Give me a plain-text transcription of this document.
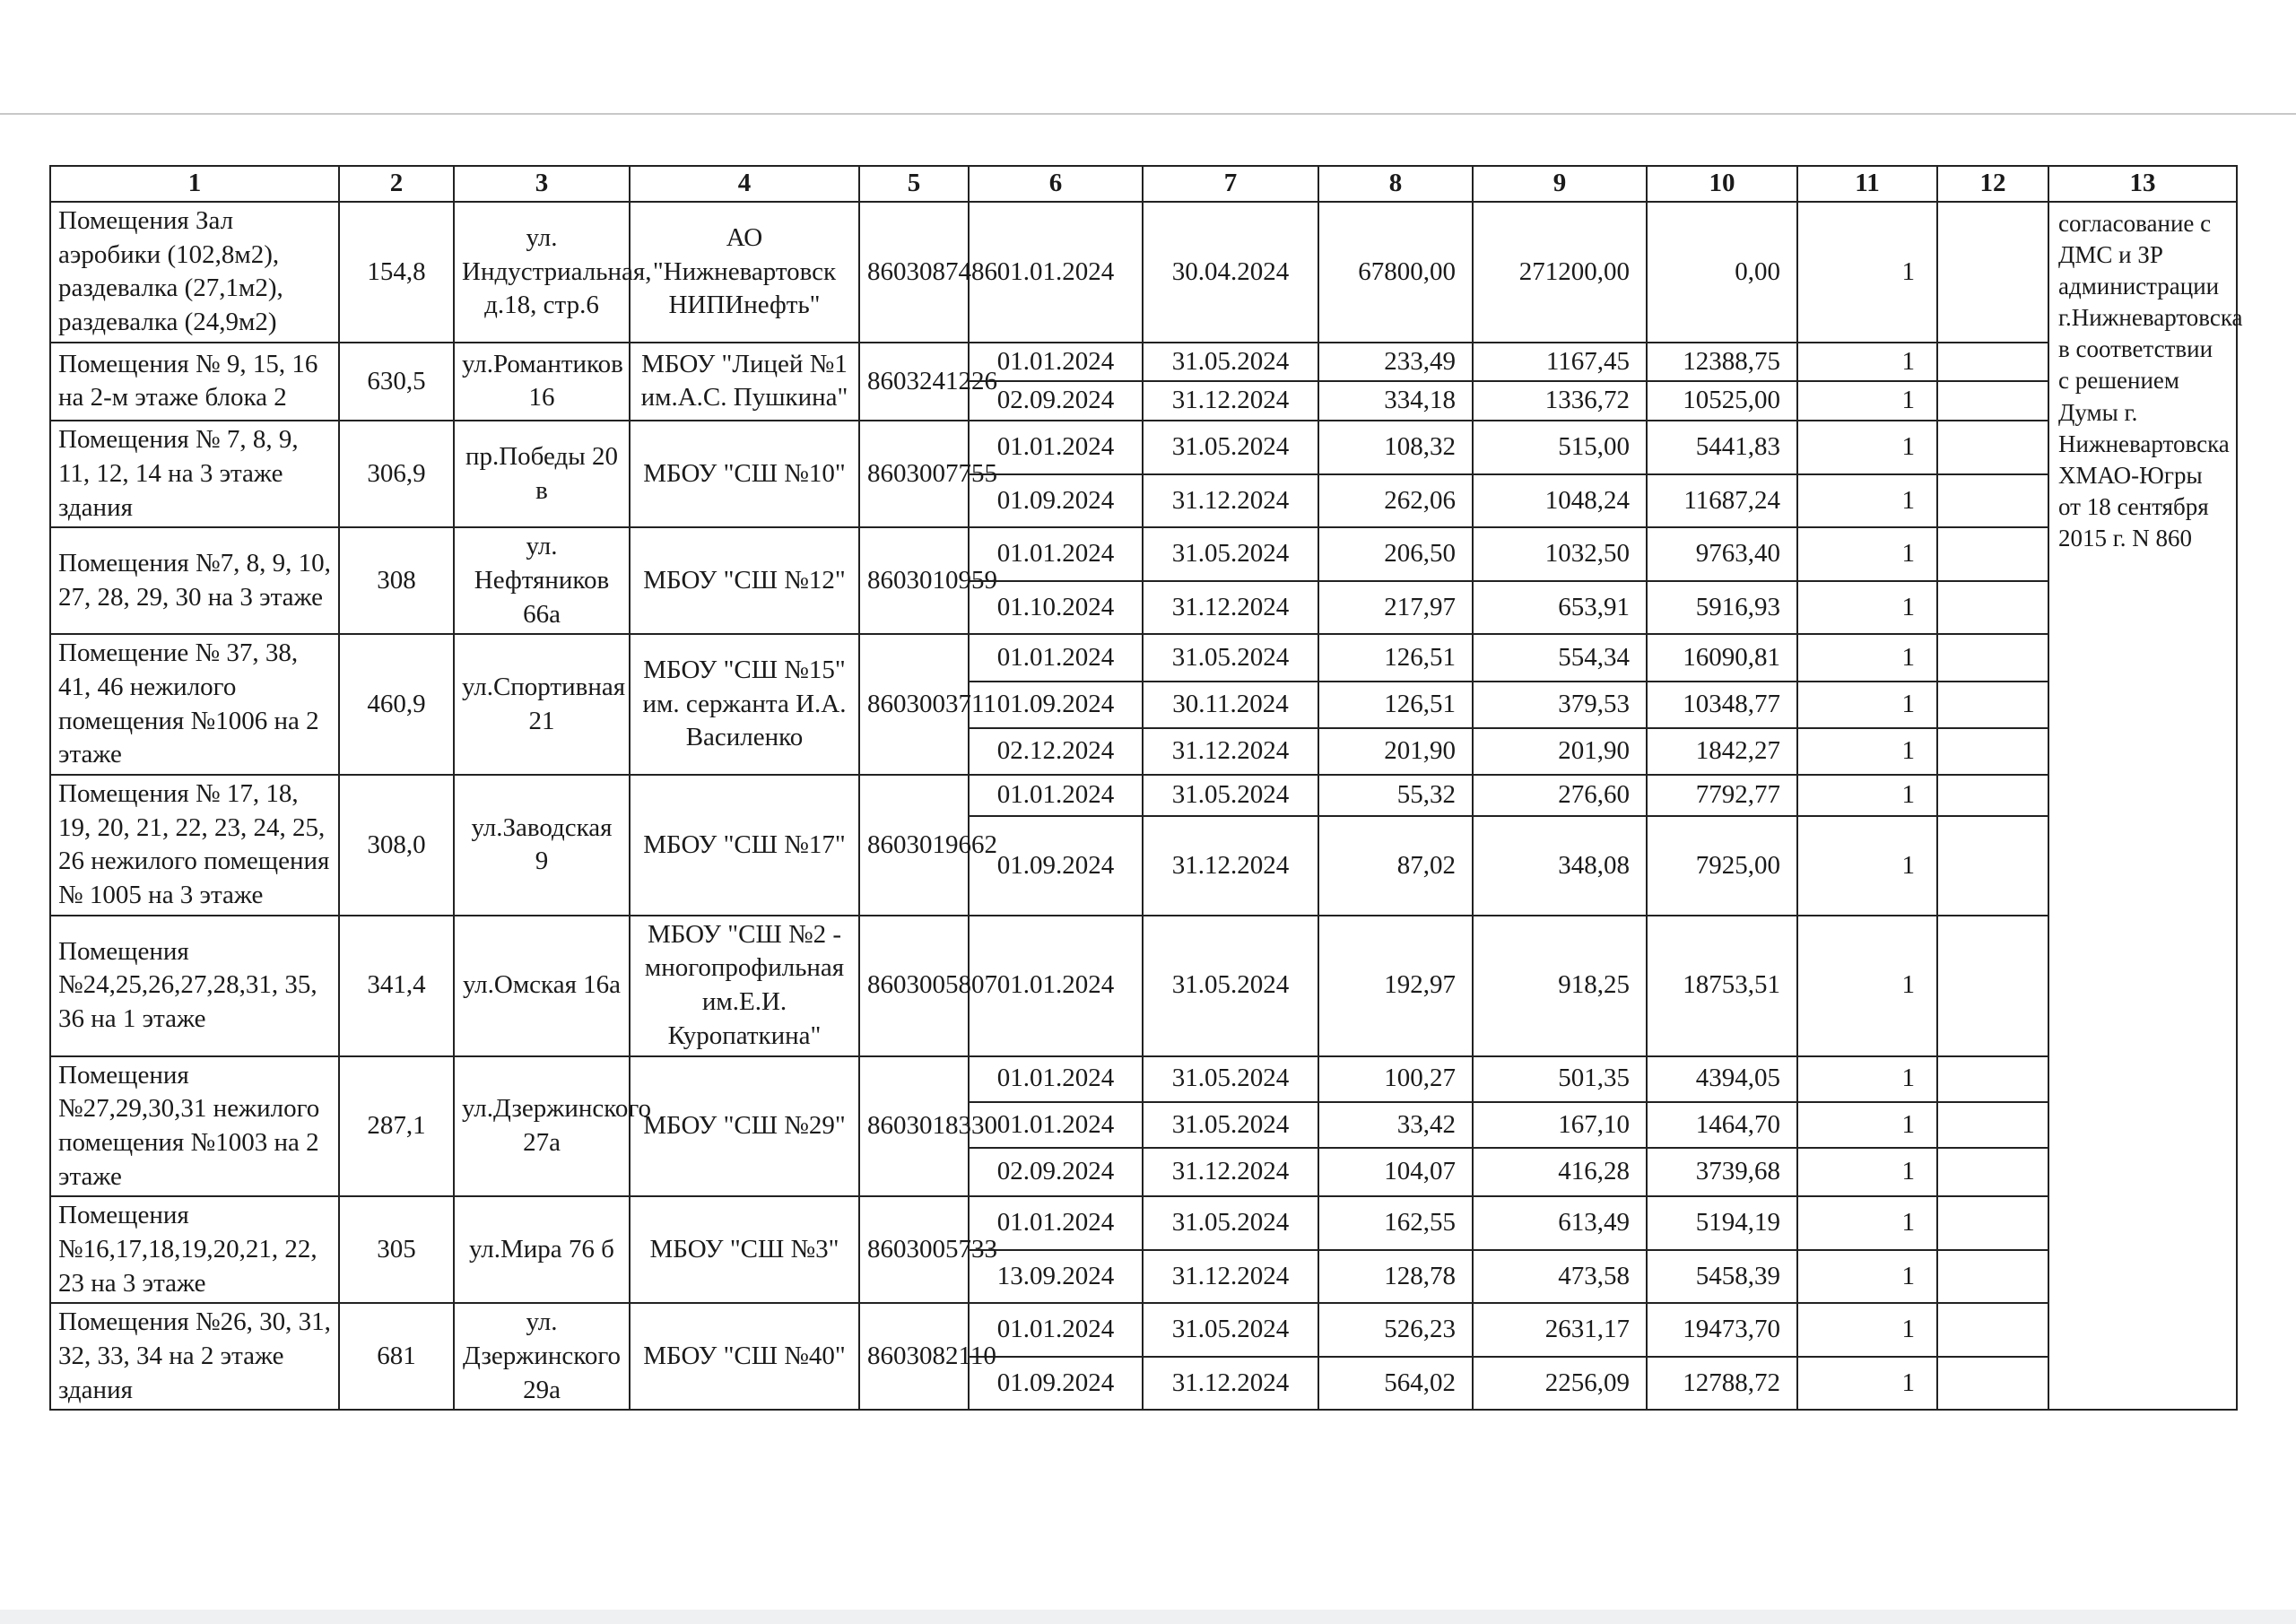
1	2	3	4	5	6	7	8	9	10	11	12	13
Помещения Зал аэробики (102,8м2), раздевалка (27,1м2), раздевалка (24,9м2)	154,8	ул. Индустриальная, д.18, стр.6	АО "Нижневартовск НИПИнефть"	8603087486	01.01.2024	30.04.2024	67800,00	271200,00	0,00	1		согласование с ДМС и ЗР администрации г.Нижневартовска в соответствии с решением Думы г. Нижневартовска ХМАО-Югры от 18 сентября 2015 г. N 860
Помещения № 9, 15, 16 на 2-м этаже блока 2	630,5	ул.Романтиков 16	МБОУ "Лицей №1 им.А.С. Пушкина"	8603241226	01.01.2024	31.05.2024	233,49	1167,45	12388,75	1		
					02.09.2024	31.12.2024	334,18	1336,72	10525,00	1		
Помещения № 7, 8, 9, 11, 12, 14 на 3 этаже здания	306,9	пр.Победы 20 в	МБОУ "СШ №10"	8603007755	01.01.2024	31.05.2024	108,32	515,00	5441,83	1		
					01.09.2024	31.12.2024	262,06	1048,24	11687,24	1		
Помещения №7, 8, 9, 10, 27, 28, 29, 30 на 3 этаже	308	ул. Нефтяников 66а	МБОУ "СШ №12"	8603010959	01.01.2024	31.05.2024	206,50	1032,50	9763,40	1		
					01.10.2024	31.12.2024	217,97	653,91	5916,93	1		
Помещение № 37, 38, 41, 46 нежилого помещения №1006 на 2 этаже	460,9	ул.Спортивная 21	МБОУ "СШ №15" им. сержанта И.А. Василенко	8603003711	01.01.2024	31.05.2024	126,51	554,34	16090,81	1		
					01.09.2024	30.11.2024	126,51	379,53	10348,77	1		
					02.12.2024	31.12.2024	201,90	201,90	1842,27	1		
Помещения № 17, 18, 19, 20, 21, 22, 23, 24, 25, 26 нежилого помещения № 1005 на 3 этаже	308,0	ул.Заводская 9	МБОУ "СШ №17"	8603019662	01.01.2024	31.05.2024	55,32	276,60	7792,77	1		
					01.09.2024	31.12.2024	87,02	348,08	7925,00	1		
Помещения №24,25,26,27,28,31, 35, 36 на 1 этаже	341,4	ул.Омская 16а	МБОУ "СШ №2 - многопрофильная им.Е.И. Куропаткина"	8603005807	01.01.2024	31.05.2024	192,97	918,25	18753,51	1		
Помещения №27,29,30,31 нежилого помещения №1003 на 2 этаже	287,1	ул.Дзержинского 27а	МБОУ "СШ №29"	8603018330	01.01.2024	31.05.2024	100,27	501,35	4394,05	1		
					01.01.2024	31.05.2024	33,42	167,10	1464,70	1		
					02.09.2024	31.12.2024	104,07	416,28	3739,68	1		
Помещения №16,17,18,19,20,21, 22, 23 на 3 этаже	305	ул.Мира 76 б	МБОУ "СШ №3"	8603005733	01.01.2024	31.05.2024	162,55	613,49	5194,19	1		
					13.09.2024	31.12.2024	128,78	473,58	5458,39	1		
Помещения №26, 30, 31, 32, 33, 34 на 2 этаже здания	681	ул. Дзержинского 29а	МБОУ "СШ №40"	8603082110	01.01.2024	31.05.2024	526,23	2631,17	19473,70	1		
					01.09.2024	31.12.2024	564,02	2256,09	12788,72	1		
